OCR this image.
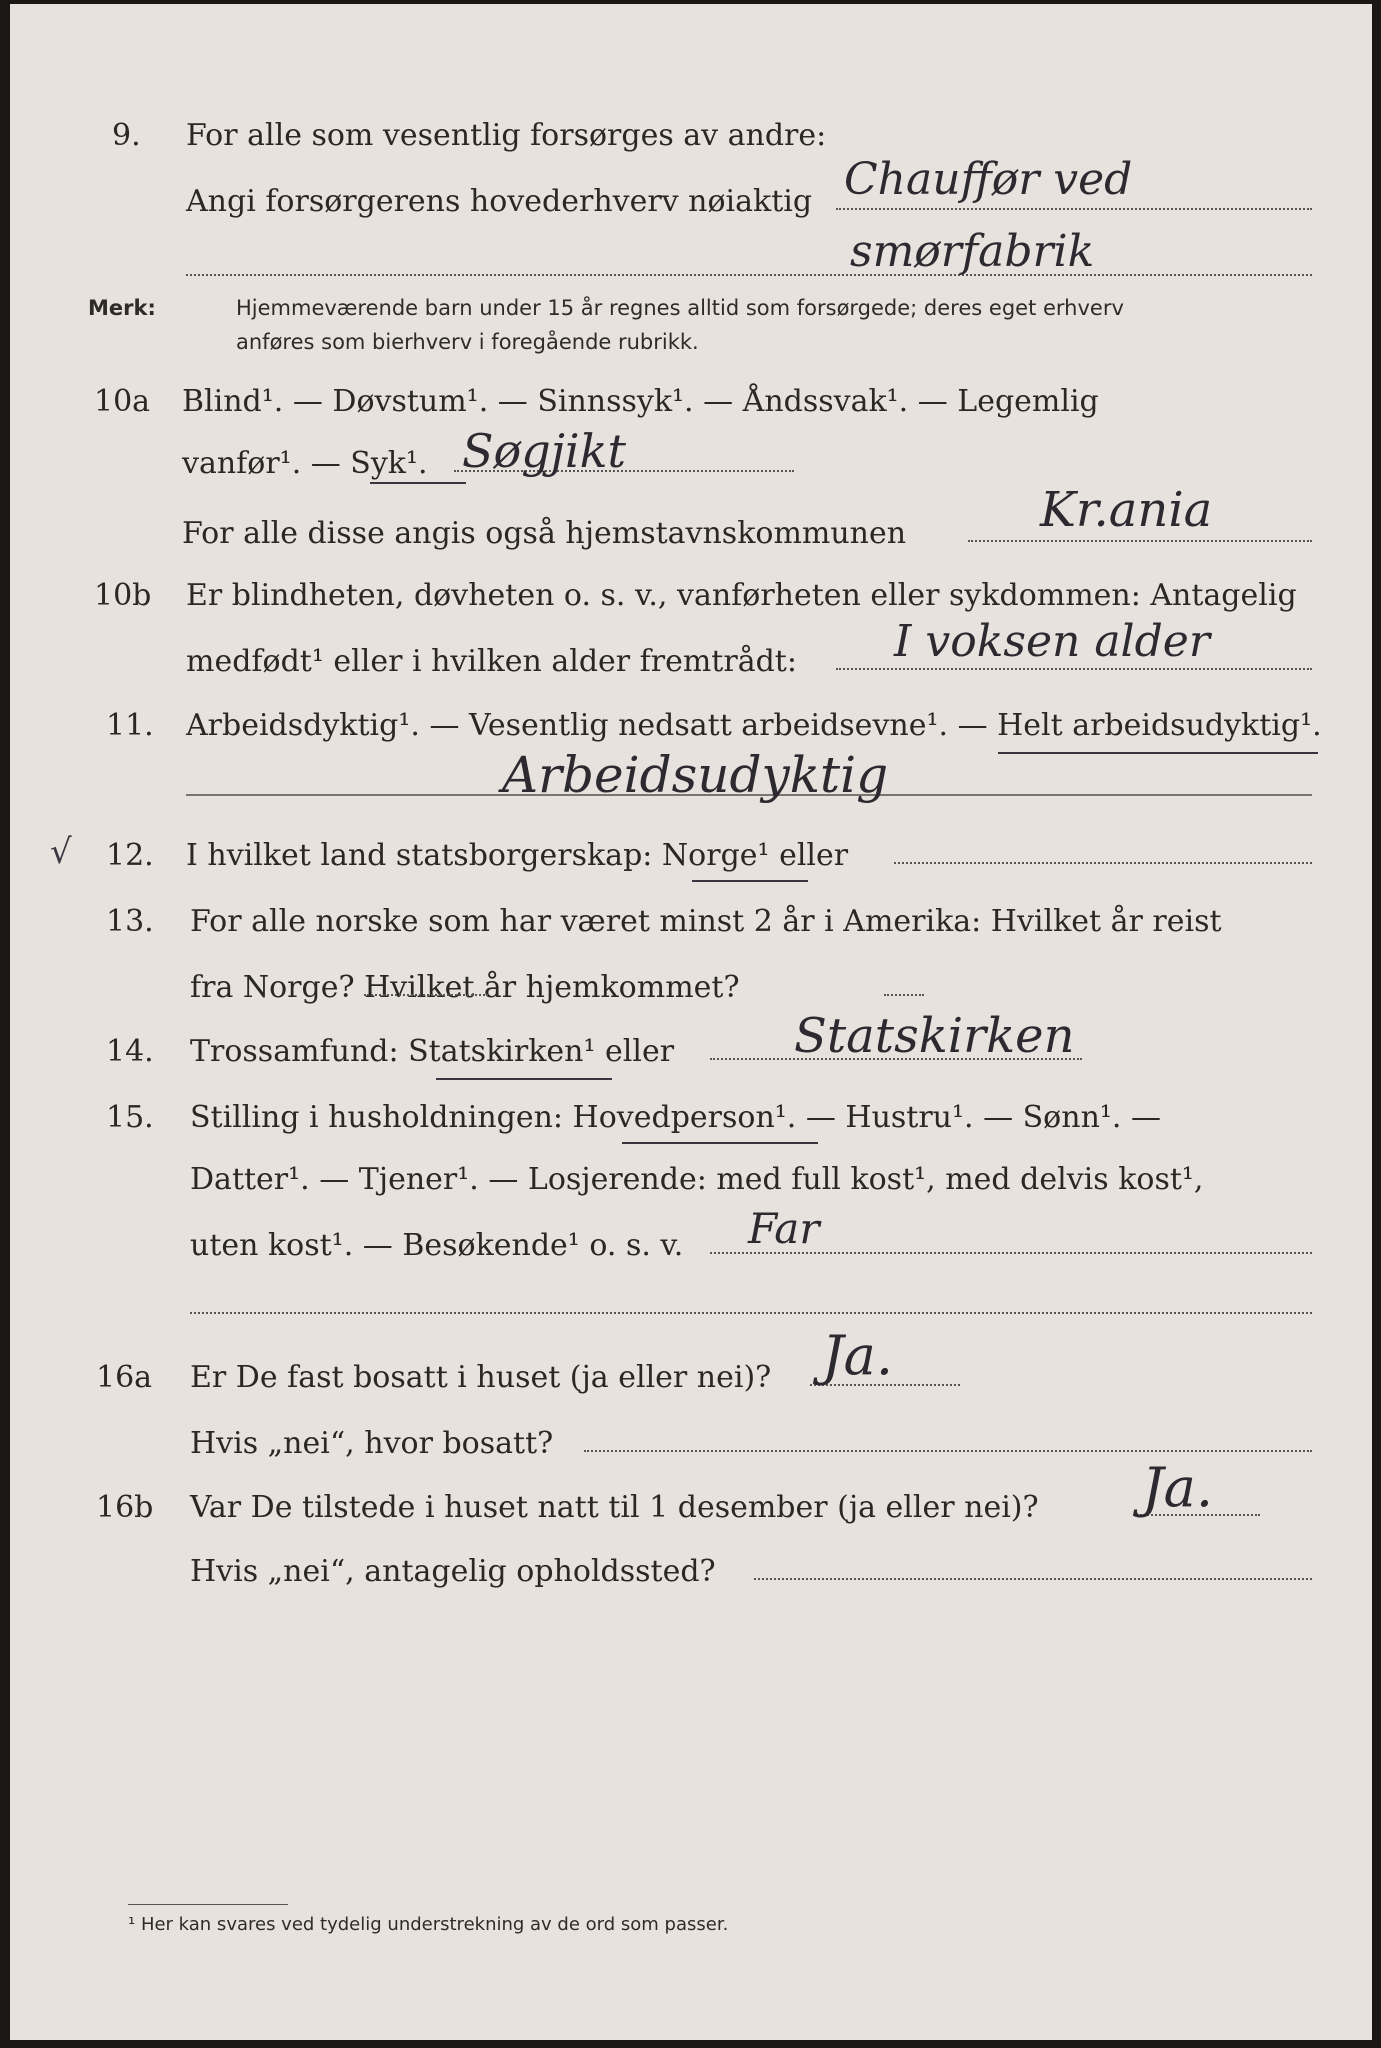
9. For alle som vesentlig forsørges av andre:
Angi forsørgerens hovederhverv nøiaktig Chauffør ved
smørfabrik
Merk:	Hjemmeværende barn under 15 år regnes alltid som forsørgede; deres eget erhverv
anføres som bierhverv i foregående rubrikk.
10a Blind¹. — Døvstum¹. — Sinnssyk¹. — Åndssvak¹. — Legemlig
vanfør¹. — Syk¹. Søgjikt
For alle disse angis også hjemstavnskommunen	Kr.ania
10b Er blindheten, døvheten o. s. v., vanførheten eller sykdommen: Antagelig
medfødt¹ eller i hvilken alder fremtrådt: I voksen alder
11. Arbeidsdyktig¹. — Vesentlig nedsatt arbeidsevne¹. — Helt arbeidsudyktig¹.
Arbeidsudyktig
√ 12. I hvilket land statsborgerskap: Norge¹ eller
13. For alle norske som har været minst 2 år i Amerika: Hvilket år reist
fra Norge? Hvilket år hjemkommet?
14. Trossamfund: Statskirken¹ eller Statskirken
15. Stilling i husholdningen: Hovedperson¹. — Hustru¹. — Sønn¹. —
Datter¹. — Tjener¹. — Losjerende: med full kost¹, med delvis kost¹,
uten kost¹. — Besøkende¹ o. s. v. Far
16a Er De fast bosatt i huset (ja eller nei)? Ja.
Hvis „nei“, hvor bosatt?
16b Var De tilstede i huset natt til 1 desember (ja eller nei)? Ja.
Hvis „nei“, antagelig opholdssted?
¹ Her kan svares ved tydelig understrekning av de ord som passer.
